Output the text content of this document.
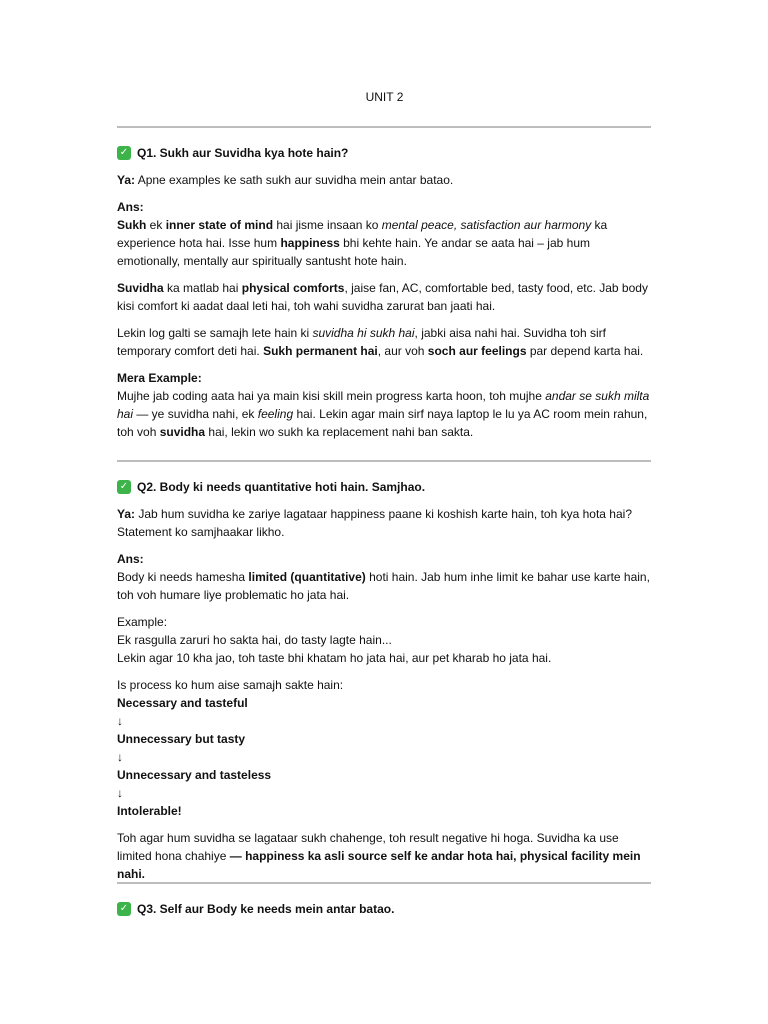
UNIT 2

✓ Q1. Sukh aur Suvidha kya hote hain?

Ya: Apne examples ke sath sukh aur suvidha mein antar batao.

Ans:

Sukh ek inner state of mind hai jisme insaan ko mental peace, satisfaction aur harmony ka experience hota hai. Isse hum happiness bhi kehte hain. Ye andar se aata hai – jab hum emotionally, mentally aur spiritually santusht hote hain.

Suvidha ka matlab hai physical comforts, jaise fan, AC, comfortable bed, tasty food, etc. Jab body kisi comfort ki aadat daal leti hai, toh wahi suvidha zarurat ban jaati hai.

Lekin log galti se samajh lete hain ki suvidha hi sukh hai, jabki aisa nahi hai. Suvidha toh sirf temporary comfort deti hai. Sukh permanent hai, aur voh soch aur feelings par depend karta hai.

Mera Example:

Mujhe jab coding aata hai ya main kisi skill mein progress karta hoon, toh mujhe andar se sukh milta hai — ye suvidha nahi, ek feeling hai. Lekin agar main sirf naya laptop le lu ya AC room mein rahun, toh voh suvidha hai, lekin wo sukh ka replacement nahi ban sakta.

✓ Q2. Body ki needs quantitative hoti hain. Samjhao.

Ya: Jab hum suvidha ke zariye lagataar happiness paane ki koshish karte hain, toh kya hota hai? Statement ko samjhaakar likho.

Ans:

Body ki needs hamesha limited (quantitative) hoti hain. Jab hum inhe limit ke bahar use karte hain, toh voh humare liye problematic ho jata hai.

Example:

Ek rasgulla zaruri ho sakta hai, do tasty lagte hain...

Lekin agar 10 kha jao, toh taste bhi khatam ho jata hai, aur pet kharab ho jata hai.

Is process ko hum aise samajh sakte hain:

Necessary and tasteful

↓

Unnecessary but tasty

↓

Unnecessary and tasteless

↓

Intolerable!

Toh agar hum suvidha se lagataar sukh chahenge, toh result negative hi hoga. Suvidha ka use limited hona chahiye — happiness ka asli source self ke andar hota hai, physical facility mein nahi.

✓ Q3. Self aur Body ke needs mein antar batao.
